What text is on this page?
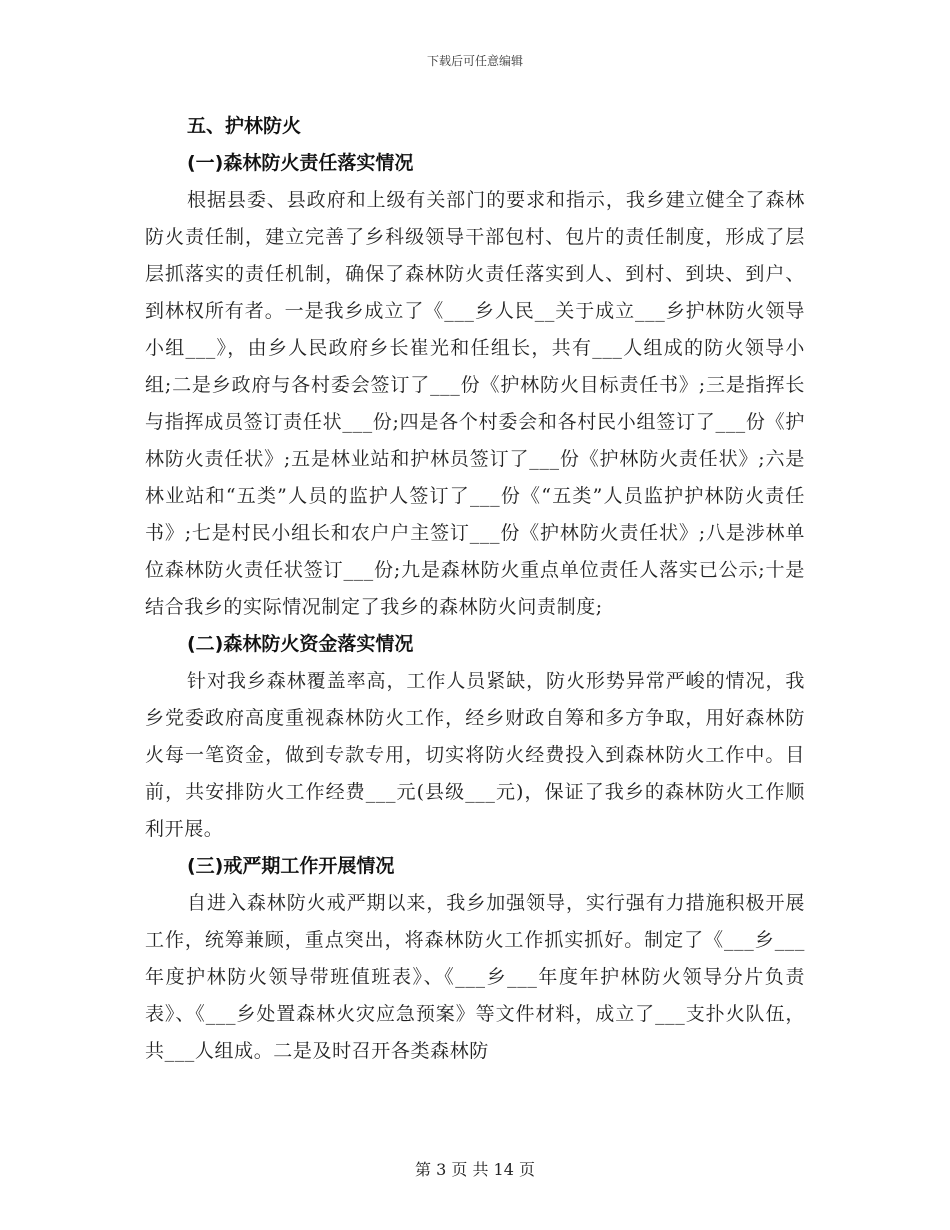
下载后可任意编辑

五、护林防火

(一)森林防火责任落实情况

根据县委、县政府和上级有关部门的要求和指示，我乡建立健全了森林防火责任制，建立完善了乡科级领导干部包村、包片的责任制度，形成了层层抓落实的责任机制，确保了森林防火责任落实到人、到村、到块、到户、到林权所有者。一是我乡成立了《___乡人民__关于成立___乡护林防火领导小组___》，由乡人民政府乡长崔光和任组长，共有___人组成的防火领导小组;二是乡政府与各村委会签订了___份《护林防火目标责任书》;三是指挥长与指挥成员签订责任状___份;四是各个村委会和各村民小组签订了___份《护林防火责任状》;五是林业站和护林员签订了___份《护林防火责任状》;六是林业站和“五类”人员的监护人签订了___份《“五类”人员监护护林防火责任书》;七是村民小组长和农户户主签订___份《护林防火责任状》;八是涉林单位森林防火责任状签订___份;九是森林防火重点单位责任人落实已公示;十是结合我乡的实际情况制定了我乡的森林防火问责制度;

(二)森林防火资金落实情况

针对我乡森林覆盖率高，工作人员紧缺，防火形势异常严峻的情况，我乡党委政府高度重视森林防火工作，经乡财政自筹和多方争取，用好森林防火每一笔资金，做到专款专用，切实将防火经费投入到森林防火工作中。目前，共安排防火工作经费___元(县级___元)，保证了我乡的森林防火工作顺利开展。

(三)戒严期工作开展情况

自进入森林防火戒严期以来，我乡加强领导，实行强有力措施积极开展工作，统筹兼顾，重点突出，将森林防火工作抓实抓好。制定了《___乡___年度护林防火领导带班值班表》、《___乡___年度年护林防火领导分片负责表》、《___乡处置森林火灾应急预案》等文件材料，成立了___支扑火队伍，共___人组成。二是及时召开各类森林防

第 3 页 共 14 页
